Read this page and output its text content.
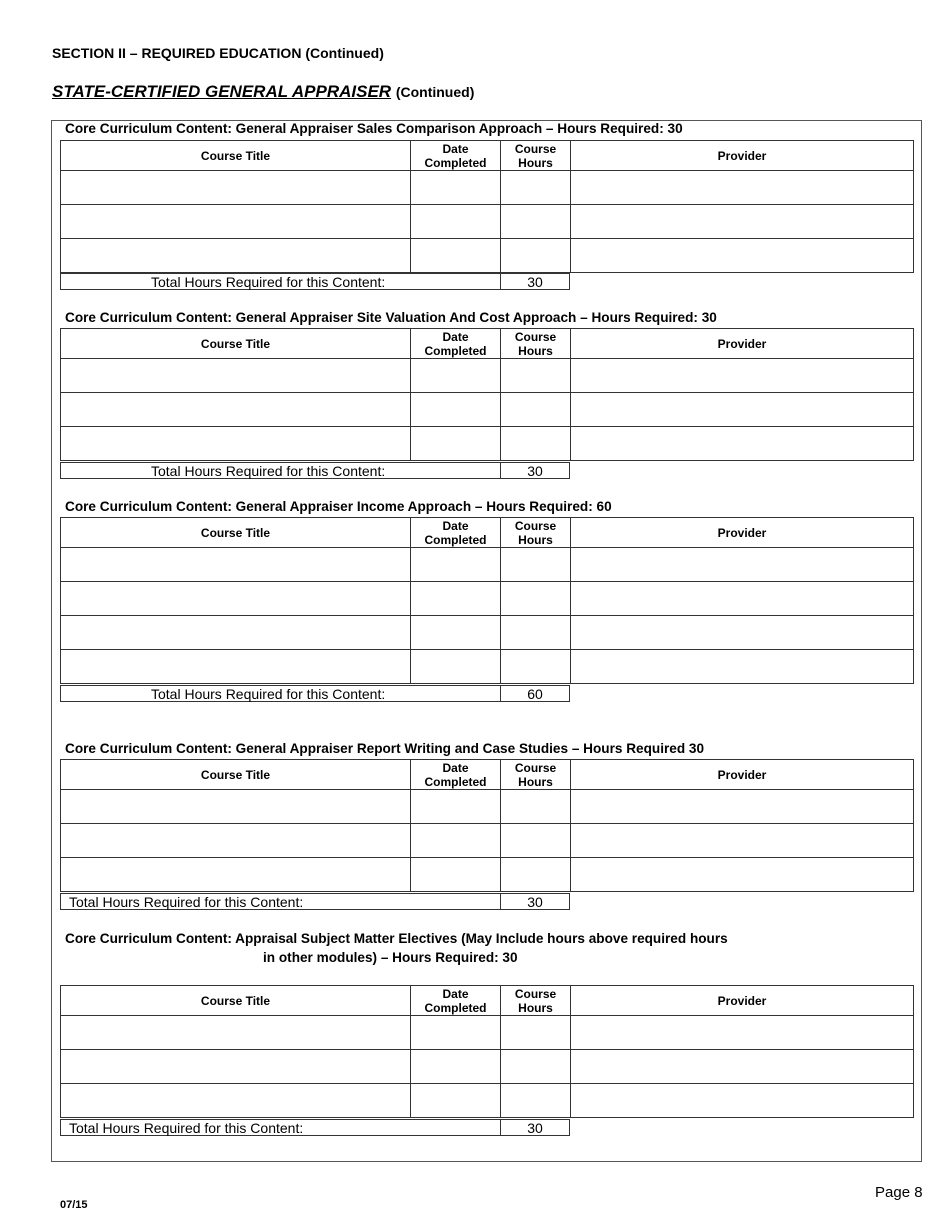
SECTION II – REQUIRED EDUCATION (Continued)
STATE-CERTIFIED GENERAL APPRAISER (Continued)
Core Curriculum Content: General Appraiser Sales Comparison Approach – Hours Required: 30
Course Title	Date Completed	Course Hours	Provider

Total Hours Required for this Content:	30
Core Curriculum Content: General Appraiser Site Valuation And Cost Approach – Hours Required: 30
Course Title	Date Completed	Course Hours	Provider

Total Hours Required for this Content:	30
Core Curriculum Content: General Appraiser Income Approach – Hours Required: 60
Course Title	Date Completed	Course Hours	Provider

Total Hours Required for this Content:	60
Core Curriculum Content: General Appraiser Report Writing and Case Studies – Hours Required 30
Course Title	Date Completed	Course Hours	Provider

Total Hours Required for this Content:	30
Core Curriculum Content: Appraisal Subject Matter Electives (May Include hours above required hours
in other modules) – Hours Required: 30
Course Title	Date Completed	Course Hours	Provider

Total Hours Required for this Content:	30
Page 8
07/15
